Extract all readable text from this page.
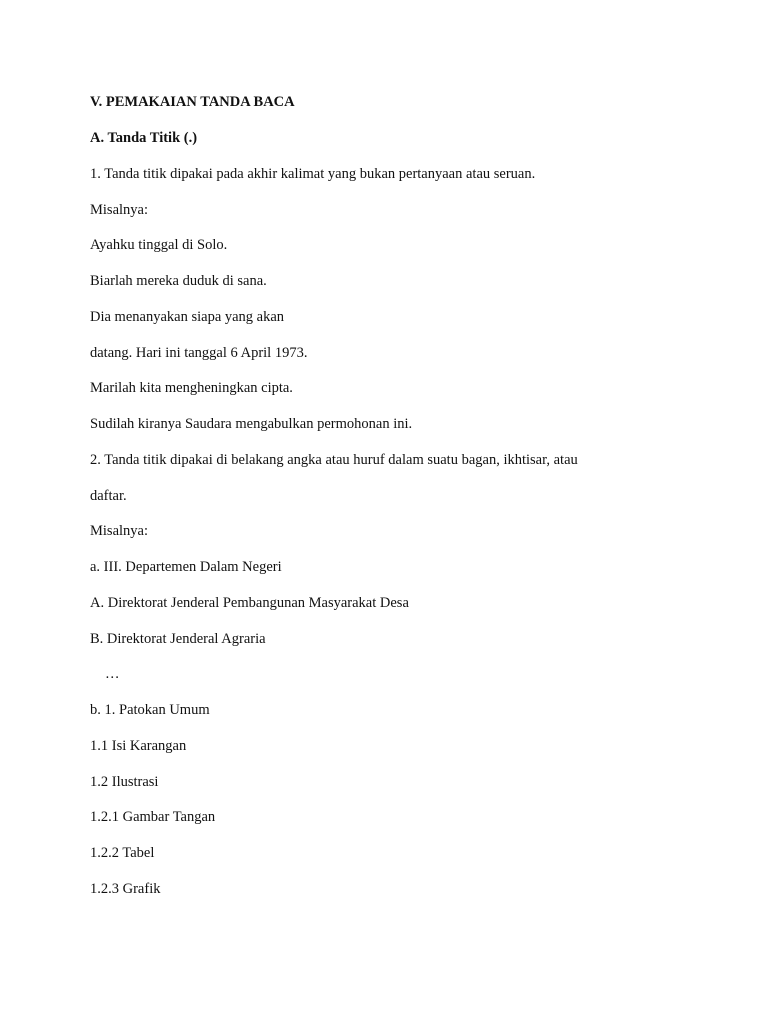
V. PEMAKAIAN TANDA BACA
A. Tanda Titik (.)
1. Tanda titik dipakai pada akhir kalimat yang bukan pertanyaan atau seruan.
Misalnya:
Ayahku tinggal di Solo.
Biarlah mereka duduk di sana.
Dia menanyakan siapa yang akan
datang. Hari ini tanggal 6 April 1973.
Marilah kita mengheningkan cipta.
Sudilah kiranya Saudara mengabulkan permohonan ini.
2. Tanda titik dipakai di belakang angka atau huruf dalam suatu bagan, ikhtisar, atau
daftar.
Misalnya:
a. III. Departemen Dalam Negeri
A. Direktorat Jenderal Pembangunan Masyarakat Desa
B. Direktorat Jenderal Agraria
…
b. 1. Patokan Umum
1.1 Isi Karangan
1.2 Ilustrasi
1.2.1 Gambar Tangan
1.2.2 Tabel
1.2.3 Grafik
